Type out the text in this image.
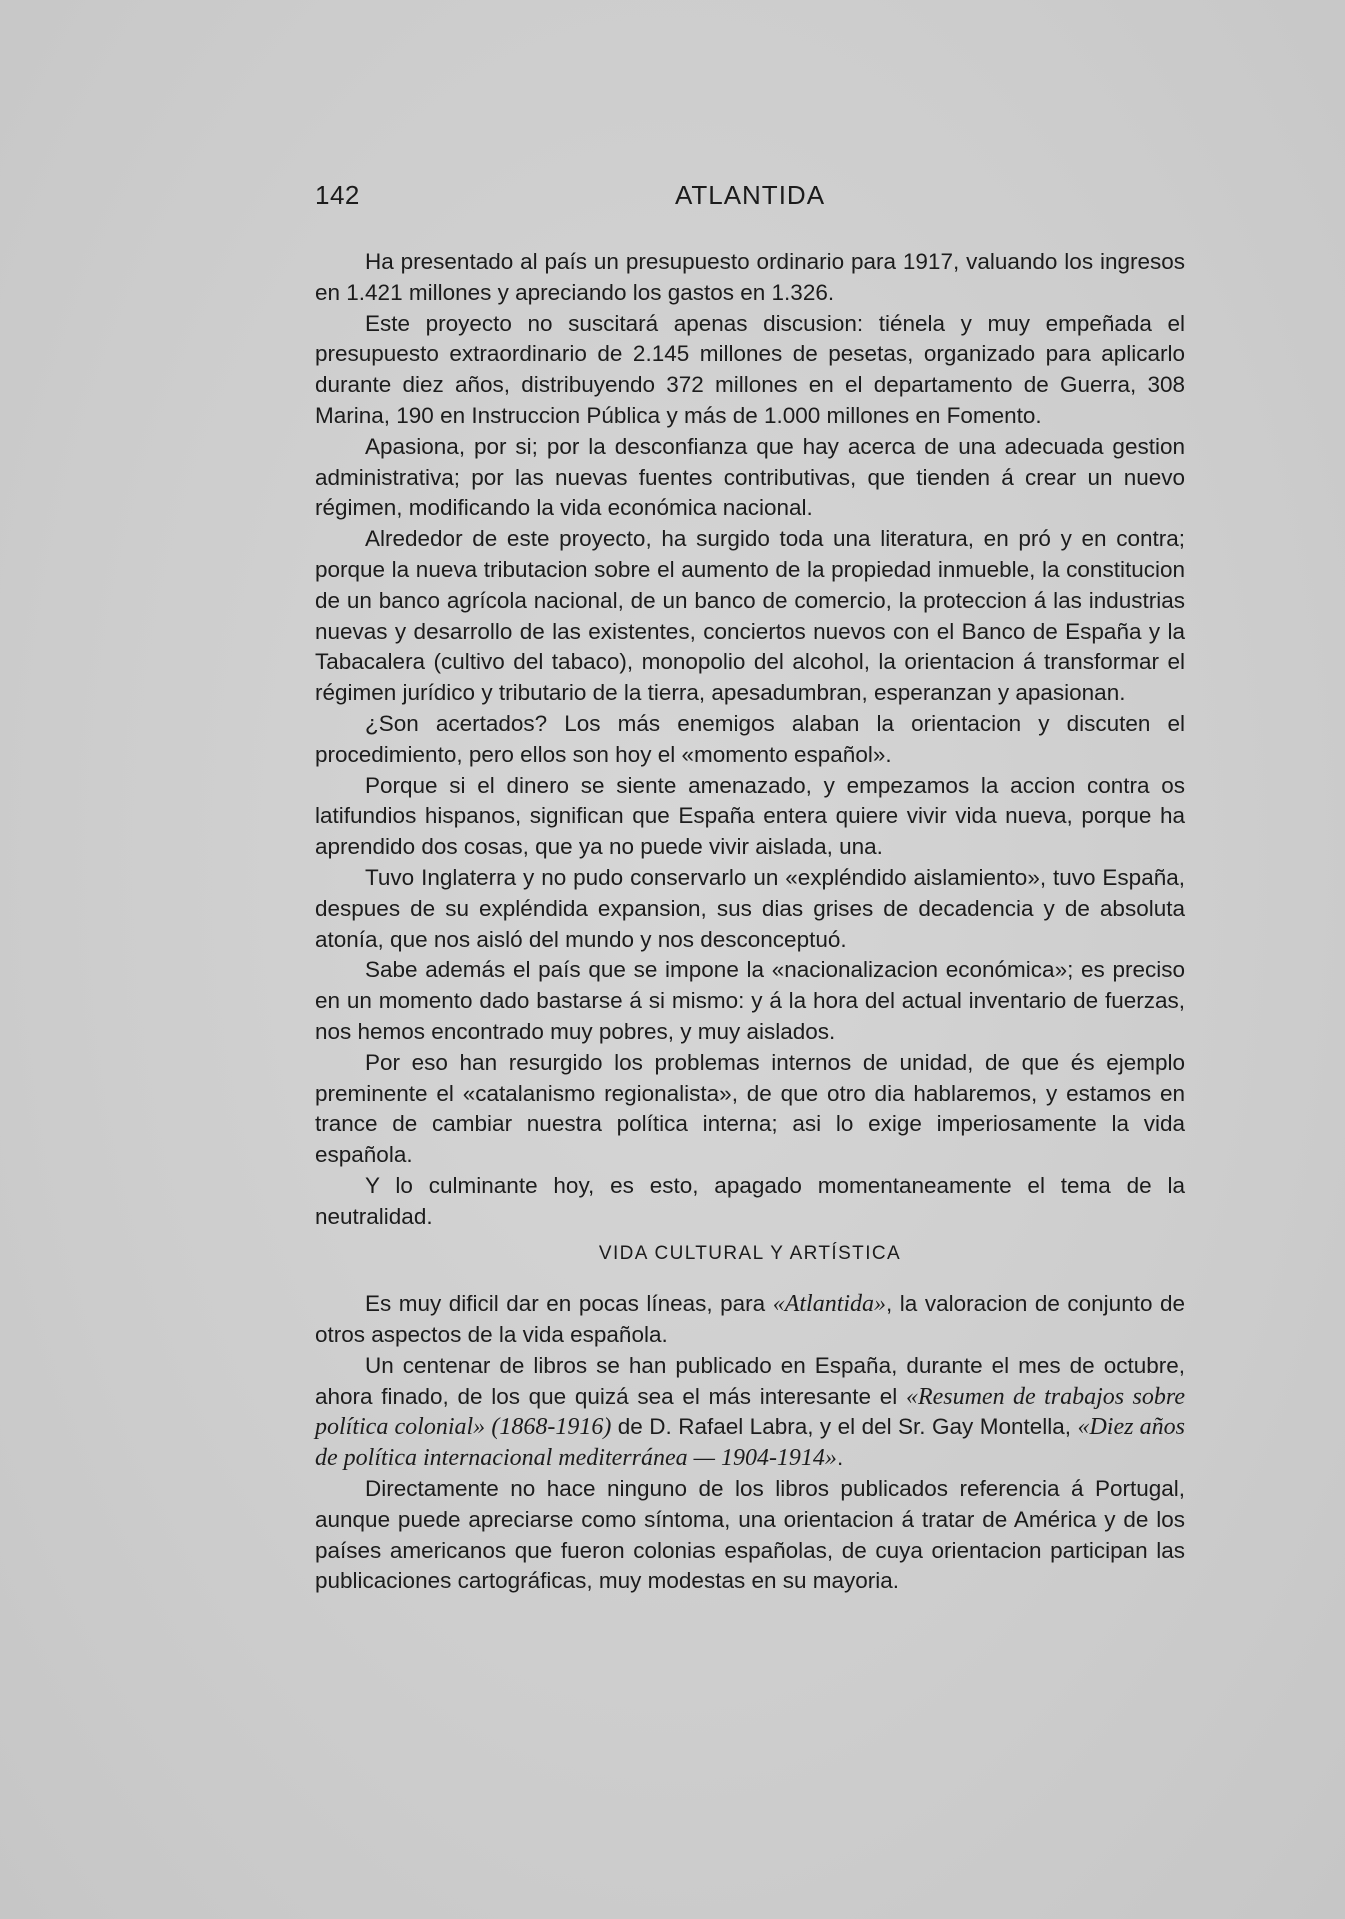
142	ATLANTIDA

Ha presentado al país un presupuesto ordinario para 1917, valuando los ingresos en 1.421 millones y apreciando los gastos en 1.326.

Este proyecto no suscitará apenas discusion: tiénela y muy empeñada el presupuesto extraordinario de 2.145 millones de pesetas, organizado para aplicarlo durante diez años, distribuyendo 372 millones en el departamento de Guerra, 308 Marina, 190 en Instruccion Pública y más de 1.000 millones en Fomento.

Apasiona, por si; por la desconfianza que hay acerca de una adecuada gestion administrativa; por las nuevas fuentes contributivas, que tienden á crear un nuevo régimen, modificando la vida económica nacional.

Alrededor de este proyecto, ha surgido toda una literatura, en pró y en contra; porque la nueva tributacion sobre el aumento de la propiedad inmueble, la constitucion de un banco agrícola nacional, de un banco de comercio, la proteccion á las industrias nuevas y desarrollo de las existentes, conciertos nuevos con el Banco de España y la Tabacalera (cultivo del tabaco), monopolio del alcohol, la orientacion á transformar el régimen jurídico y tributario de la tierra, apesadumbran, esperanzan y apasionan.

¿Son acertados? Los más enemigos alaban la orientacion y discuten el procedimiento, pero ellos son hoy el «momento español».

Porque si el dinero se siente amenazado, y empezamos la accion contra os latifundios hispanos, significan que España entera quiere vivir vida nueva, porque ha aprendido dos cosas, que ya no puede vivir aislada, una.

Tuvo Inglaterra y no pudo conservarlo un «expléndido aislamiento», tuvo España, despues de su expléndida expansion, sus dias grises de decadencia y de absoluta atonía, que nos aisló del mundo y nos desconceptuó.

Sabe además el país que se impone la «nacionalizacion económica»; es preciso en un momento dado bastarse á si mismo: y á la hora del actual inventario de fuerzas, nos hemos encontrado muy pobres, y muy aislados.

Por eso han resurgido los problemas internos de unidad, de que és ejemplo preminente el «catalanismo regionalista», de que otro dia hablaremos, y estamos en trance de cambiar nuestra política interna; asi lo exige imperiosamente la vida española.

Y lo culminante hoy, es esto, apagado momentaneamente el tema de la neutralidad.

VIDA CULTURAL Y ARTÍSTICA

Es muy dificil dar en pocas líneas, para «Atlantida», la valoracion de conjunto de otros aspectos de la vida española.

Un centenar de libros se han publicado en España, durante el mes de octubre, ahora finado, de los que quizá sea el más interesante el «Resumen de trabajos sobre política colonial» (1868-1916) de D. Rafael Labra, y el del Sr. Gay Montella, «Diez años de política internacional mediterránea — 1904-1914».

Directamente no hace ninguno de los libros publicados referencia á Portugal, aunque puede apreciarse como síntoma, una orientacion á tratar de América y de los países americanos que fueron colonias españolas, de cuya orientacion participan las publicaciones cartográficas, muy modestas en su mayoria.
